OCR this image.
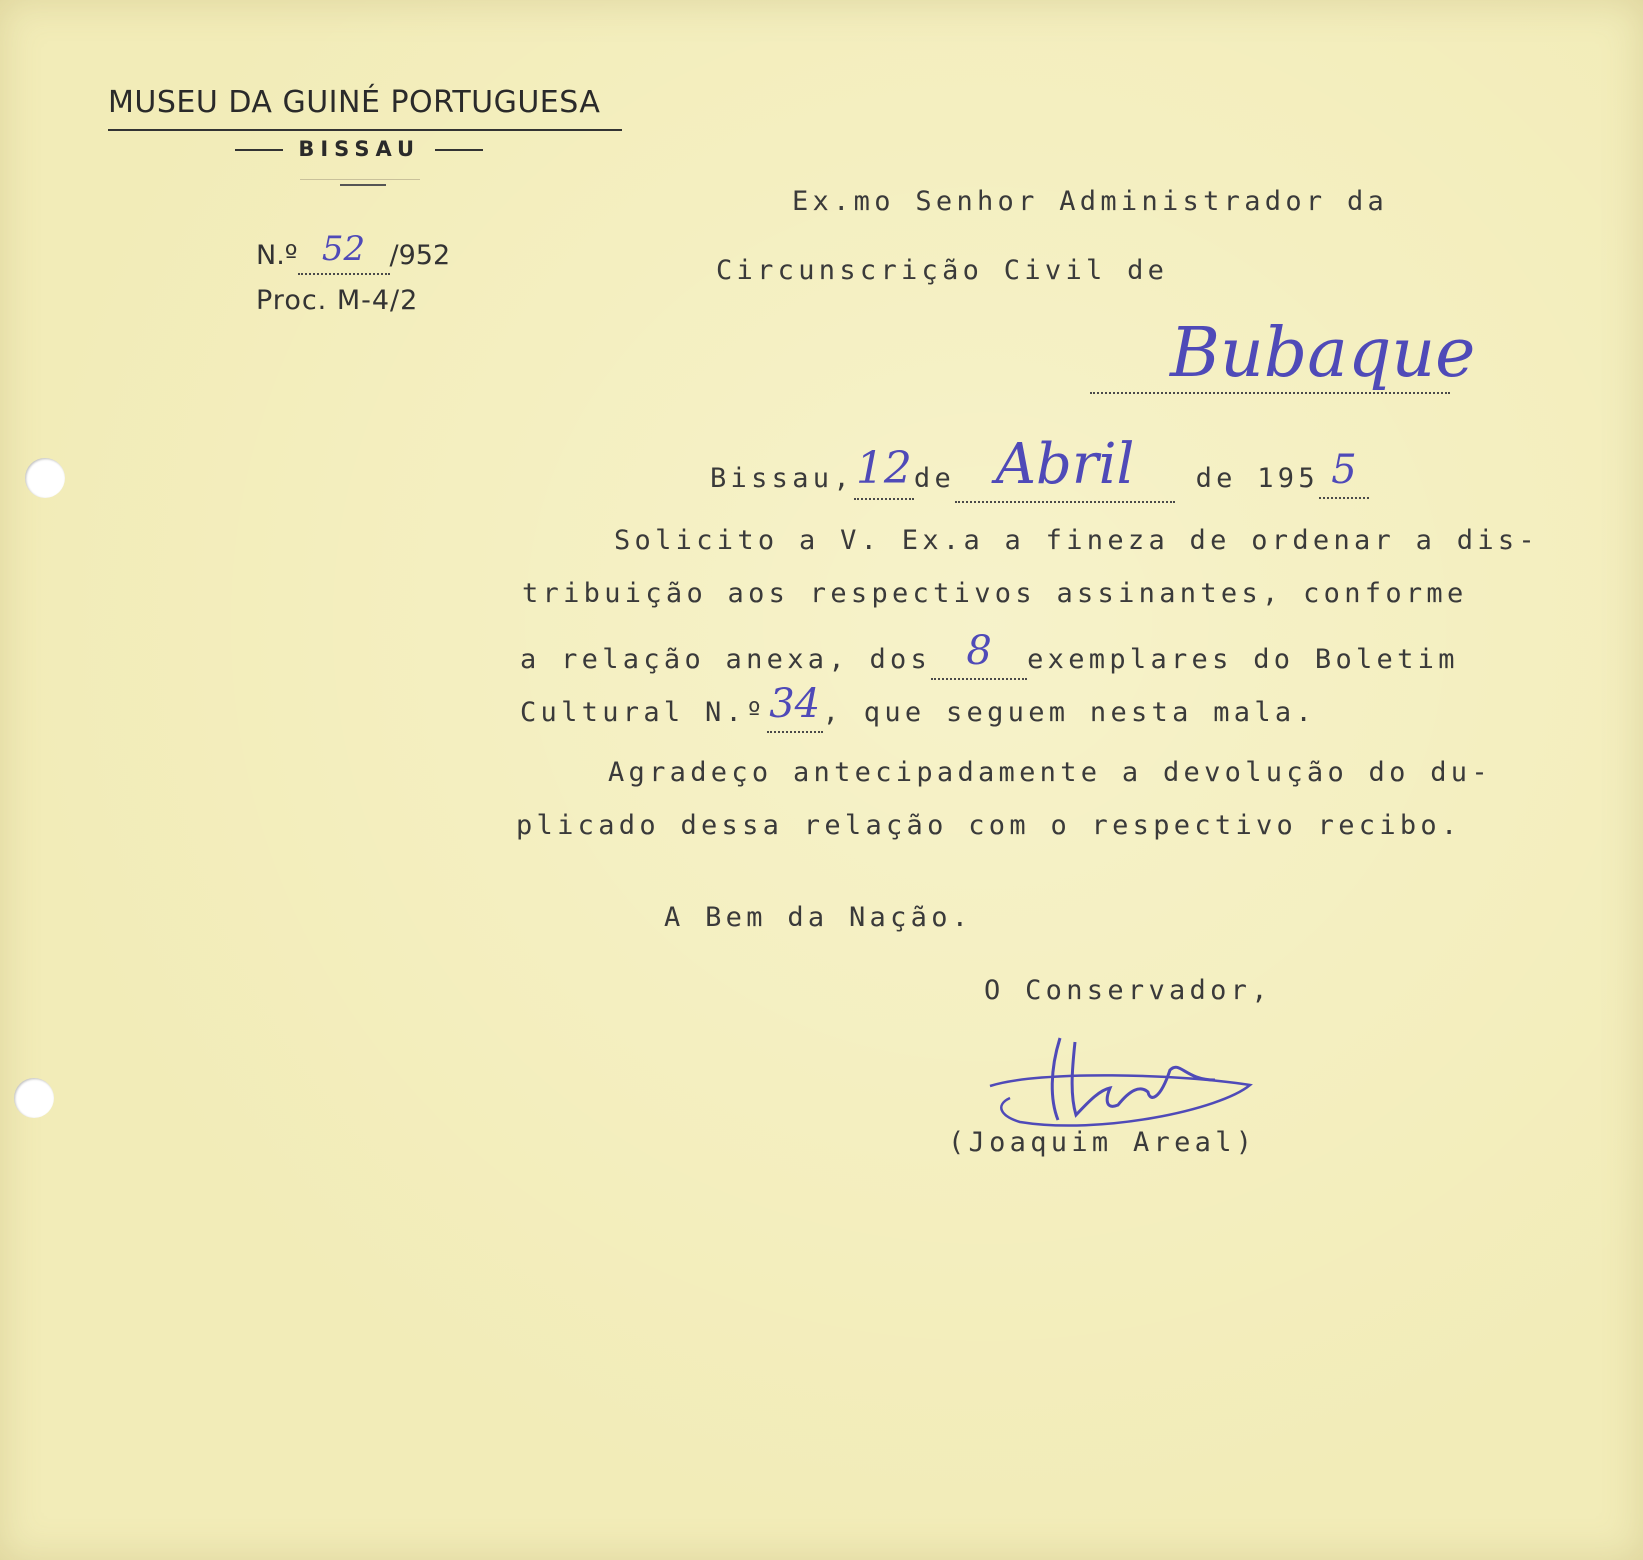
MUSEU DA GUINÉ PORTUGUESA
BISSAU
N.º 52 /952
Proc. M-4/2
Ex.mo Senhor Administrador da
Circunscrição Civil de
Bubaque
Bissau,12de Abril de 195 5
Solicito a V. Ex.a a fineza de ordenar a dis-
tribuição aos respectivos assinantes, conforme
a relação anexa, dos 8 exemplares do Boletim
Cultural N.º34, que seguem nesta mala.
Agradeço antecipadamente a devolução do du-
plicado dessa relação com o respectivo recibo.
A Bem da Nação.
O Conservador,
(Joaquim Areal)
